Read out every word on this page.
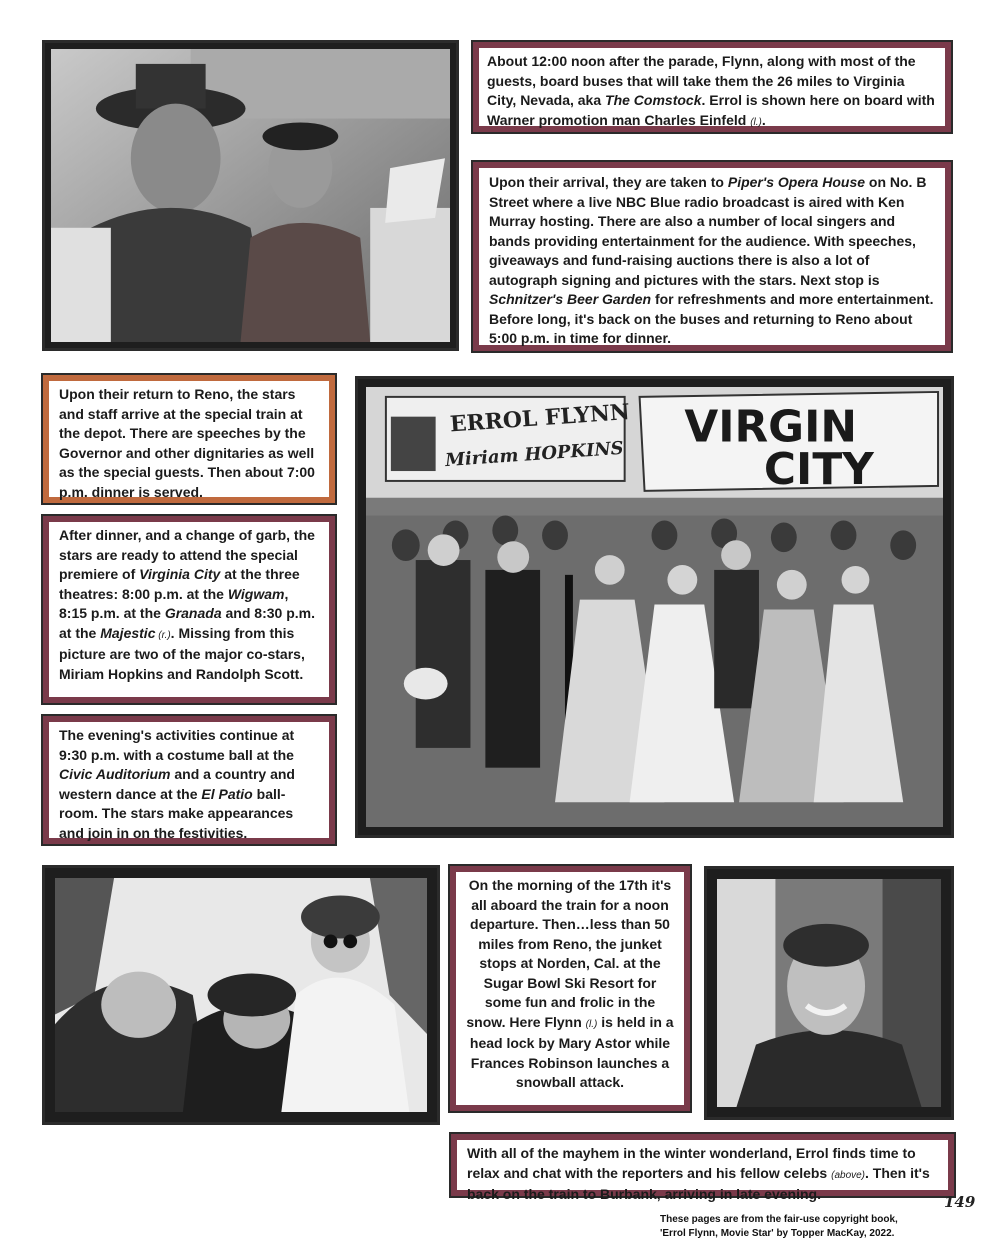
About 12:00 noon after the parade, Flynn, along with most of the guests, board buses that will take them the 26 miles to Virginia City, Nevada, aka The Comstock. Errol is shown here on board with Warner promotion man Charles Einfeld (l.).
Upon their arrival, they are taken to Piper's Opera House on No. B Street where a live NBC Blue radio broadcast is aired with Ken Murray hosting. There are also a number of local singers and bands providing entertainment for the audience. With speeches, giveaways and fund-raising auctions there is also a lot of autograph signing and pictures with the stars. Next stop is Schnitzer's Beer Garden for refreshments and more entertainment. Before long, it's back on the buses and returning to Reno about 5:00 p.m. in time for dinner.
Upon their return to Reno, the stars and staff arrive at the special train at the depot. There are speeches by the Governor and other dignitaries as well as the special guests. Then about 7:00 p.m. dinner is served.
After dinner, and a change of garb, the stars are ready to attend the special premiere of Virginia City at the three theatres: 8:00 p.m. at the Wigwam, 8:15 p.m. at the Granada and 8:30 p.m. at the Majestic (r.). Missing from this picture are two of the major co-stars, Miriam Hopkins and Randolph Scott.
The evening's activities continue at 9:30 p.m. with a costume ball at the Civic Auditorium and a country and western dance at the El Patio ball-room. The stars make appearances and join in on the festivities.
ERROL FLYNN
Miriam HOPKINS
VIRGIN
CITY
On the morning of the 17th it's all aboard the train for a noon departure. Then…less than 50 miles from Reno, the junket stops at Norden, Cal. at the Sugar Bowl Ski Resort for some fun and frolic in the snow. Here Flynn (l.) is held in a head lock by Mary Astor while Frances Robinson launches a snowball attack.
With all of the mayhem in the winter wonderland, Errol finds time to relax and chat with the reporters and his fellow celebs (above). Then it's back on the train to Burbank, arriving in late evening.	149
These pages are from the fair-use copyright book,
'Errol Flynn, Movie Star' by Topper MacKay, 2022.
